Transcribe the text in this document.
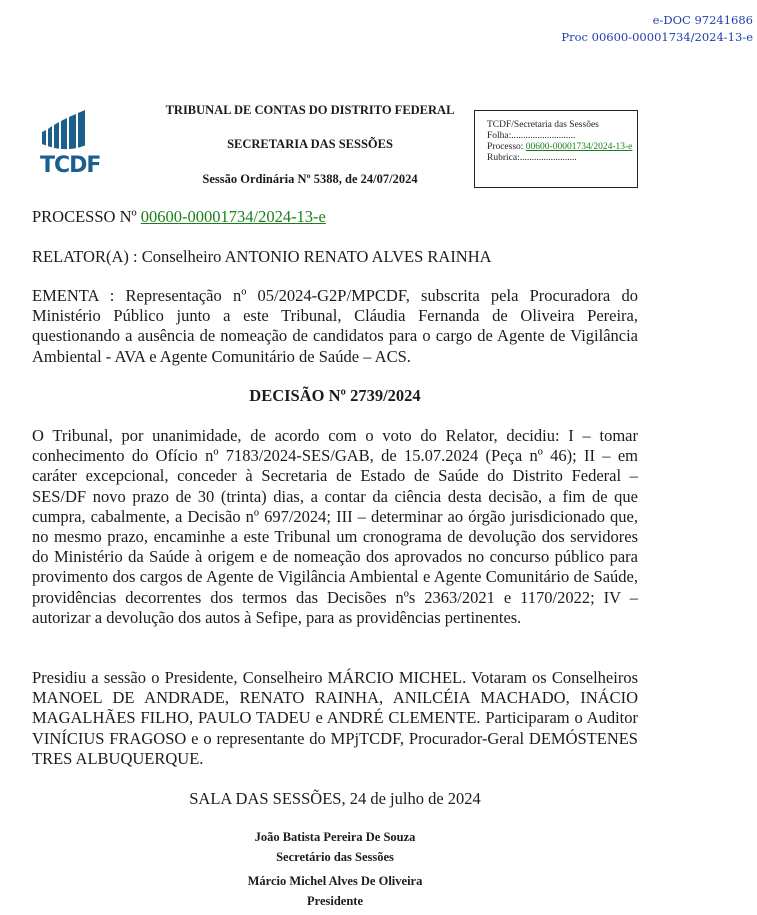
e-DOC 97241686
Proc 00600-00001734/2024-13-e
TCDF
TRIBUNAL DE CONTAS DO DISTRITO FEDERAL
SECRETARIA DAS SESSÕES
Sessão Ordinária Nº 5388, de 24/07/2024
TCDF/Secretaria das Sessões
Folha:...........................
Processo: 00600-00001734/2024-13-e
Rubrica:........................
PROCESSO Nº 00600-00001734/2024-13-e
RELATOR(A) : Conselheiro ANTONIO RENATO ALVES RAINHA
EMENTA : Representação nº 05/2024-G2P/MPCDF, subscrita pela Procuradora do Ministério Público junto a este Tribunal, Cláudia Fernanda de Oliveira Pereira, questionando a ausência de nomeação de candidatos para o cargo de Agente de Vigilância Ambiental - AVA e Agente Comunitário de Saúde – ACS.
DECISÃO Nº 2739/2024
O Tribunal, por unanimidade, de acordo com o voto do Relator, decidiu: I – tomar conhecimento do Ofício nº 7183/2024-SES/GAB, de 15.07.2024 (Peça nº 46); II – em caráter excepcional, conceder à Secretaria de Estado de Saúde do Distrito Federal – SES/DF novo prazo de 30 (trinta) dias, a contar da ciência desta decisão, a fim de que cumpra, cabalmente, a Decisão nº 697/2024; III – determinar ao órgão jurisdicionado que, no mesmo prazo, encaminhe a este Tribunal um cronograma de devolução dos servidores do Ministério da Saúde à origem e de nomeação dos aprovados no concurso público para provimento dos cargos de Agente de Vigilância Ambiental e Agente Comunitário de Saúde, providências decorrentes dos termos das Decisões nºs 2363/2021 e 1170/2022; IV – autorizar a devolução dos autos à Sefipe, para as providências pertinentes.
Presidiu a sessão o Presidente, Conselheiro MÁRCIO MICHEL. Votaram os Conselheiros MANOEL DE ANDRADE, RENATO RAINHA, ANILCÉIA MACHADO, INÁCIO MAGALHÃES FILHO, PAULO TADEU e ANDRÉ CLEMENTE. Participaram o Auditor VINÍCIUS FRAGOSO e o representante do MPjTCDF, Procurador-Geral DEMÓSTENES TRES ALBUQUERQUE.
SALA DAS SESSÕES, 24 de julho de 2024
João Batista Pereira De Souza
Secretário das Sessões
Márcio Michel Alves De Oliveira
Presidente
